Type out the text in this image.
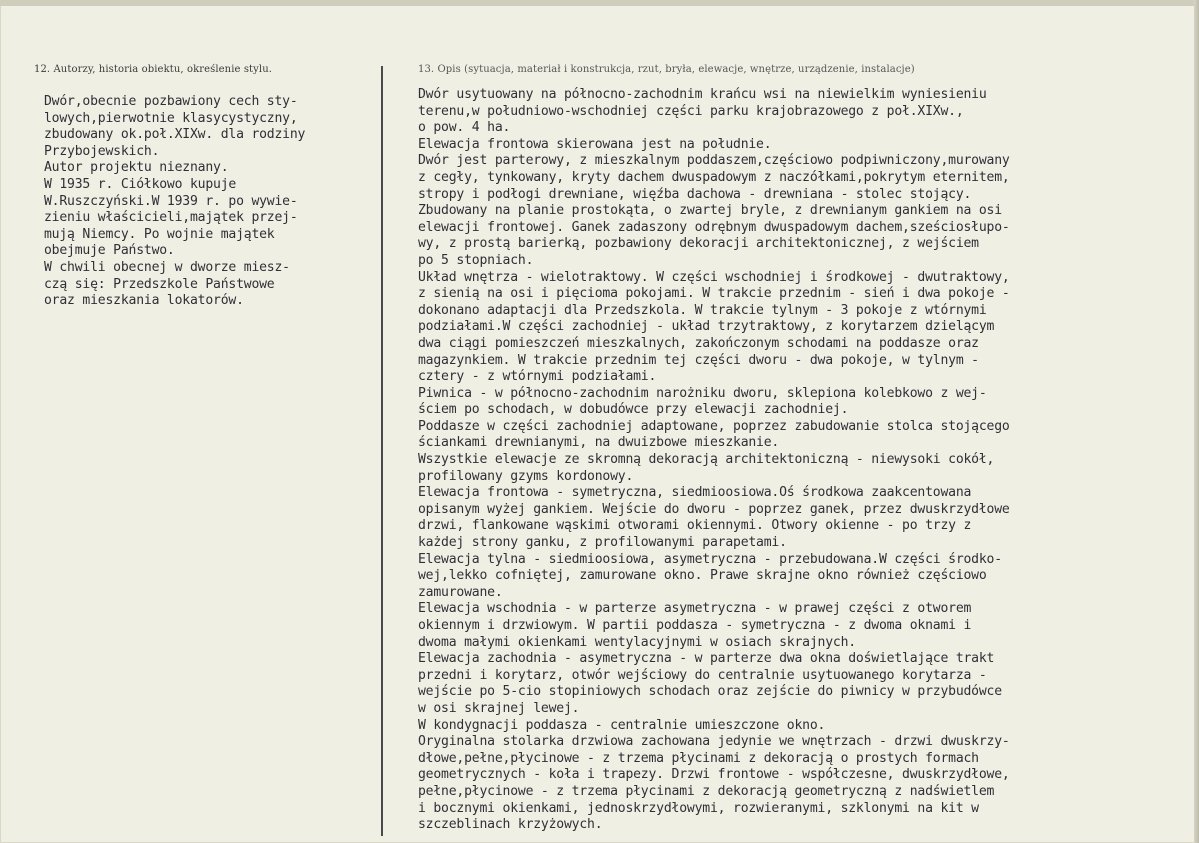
12. Autorzy, historia obiektu, określenie stylu.	13. Opis (sytuacja, materiał i konstrukcja, rzut, bryła, elewacje, wnętrze, urządzenie, instalacje)
Dwór,obecnie pozbawiony cech sty-
lowych,pierwotnie klasycystyczny,
zbudowany ok.poł.XIXw. dla rodziny
Przybojewskich.
Autor projektu nieznany.
W 1935 r. Ciółkowo kupuje
W.Ruszczyński.W 1939 r. po wywie-
zieniu właścicieli,majątek przej-
mują Niemcy. Po wojnie majątek
obejmuje Państwo.
W chwili obecnej w dworze miesz-
czą się: Przedszkole Państwowe
oraz mieszkania lokatorów.
Dwór usytuowany na północno-zachodnim krańcu wsi na niewielkim wyniesieniu
terenu,w południowo-wschodniej części parku krajobrazowego z poł.XIXw.,
o pow. 4 ha.
Elewacja frontowa skierowana jest na południe.
Dwór jest parterowy, z mieszkalnym poddaszem,częściowo podpiwniczony,murowany
z cegły, tynkowany, kryty dachem dwuspadowym z naczółkami,pokrytym eternitem,
stropy i podłogi drewniane, więźba dachowa - drewniana - stolec stojący.
Zbudowany na planie prostokąta, o zwartej bryle, z drewnianym gankiem na osi
elewacji frontowej. Ganek zadaszony odrębnym dwuspadowym dachem,sześciosłupo-
wy, z prostą barierką, pozbawiony dekoracji architektonicznej, z wejściem
po 5 stopniach.
Układ wnętrza - wielotraktowy. W części wschodniej i środkowej - dwutraktowy,
z sienią na osi i pięcioma pokojami. W trakcie przednim - sień i dwa pokoje -
dokonano adaptacji dla Przedszkola. W trakcie tylnym - 3 pokoje z wtórnymi
podziałami.W części zachodniej - układ trzytraktowy, z korytarzem dzielącym
dwa ciągi pomieszczeń mieszkalnych, zakończonym schodami na poddasze oraz
magazynkiem. W trakcie przednim tej części dworu - dwa pokoje, w tylnym -
cztery - z wtórnymi podziałami.
Piwnica - w północno-zachodnim narożniku dworu, sklepiona kolebkowo z wej-
ściem po schodach, w dobudówce przy elewacji zachodniej.
Poddasze w części zachodniej adaptowane, poprzez zabudowanie stolca stojącego
ściankami drewnianymi, na dwuizbowe mieszkanie.
Wszystkie elewacje ze skromną dekoracją architektoniczną - niewysoki cokół,
profilowany gzyms kordonowy.
Elewacja frontowa - symetryczna, siedmioosiowa.Oś środkowa zaakcentowana
opisanym wyżej gankiem. Wejście do dworu - poprzez ganek, przez dwuskrzydłowe
drzwi, flankowane wąskimi otworami okiennymi. Otwory okienne - po trzy z
każdej strony ganku, z profilowanymi parapetami.
Elewacja tylna - siedmioosiowa, asymetryczna - przebudowana.W części środko-
wej,lekko cofniętej, zamurowane okno. Prawe skrajne okno również częściowo
zamurowane.
Elewacja wschodnia - w parterze asymetryczna - w prawej części z otworem
okiennym i drzwiowym. W partii poddasza - symetryczna - z dwoma oknami i
dwoma małymi okienkami wentylacyjnymi w osiach skrajnych.
Elewacja zachodnia - asymetryczna - w parterze dwa okna doświetlające trakt
przedni i korytarz, otwór wejściowy do centralnie usytuowanego korytarza -
wejście po 5-cio stopiniowych schodach oraz zejście do piwnicy w przybudówce
w osi skrajnej lewej.
W kondygnacji poddasza - centralnie umieszczone okno.
Oryginalna stolarka drzwiowa zachowana jedynie we wnętrzach - drzwi dwuskrzy-
dłowe,pełne,płycinowe - z trzema płycinami z dekoracją o prostych formach
geometrycznych - koła i trapezy. Drzwi frontowe - współczesne, dwuskrzydłowe,
pełne,płycinowe - z trzema płycinami z dekoracją geometryczną z nadświetlem
i bocznymi okienkami, jednoskrzydłowymi, rozwieranymi, szklonymi na kit w
szczeblinach krzyżowych.
